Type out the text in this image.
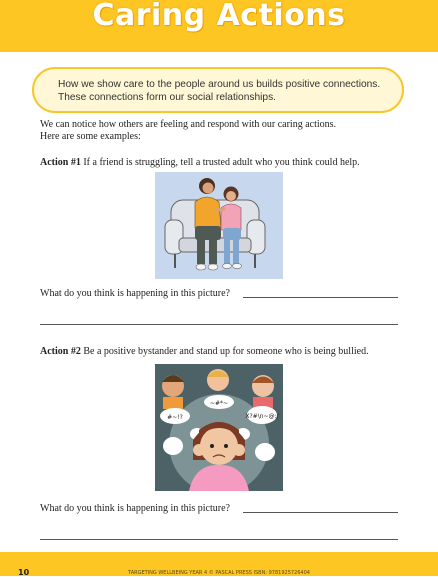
Caring Actions

How we show care to the people around us builds positive connections.
These connections form our social relationships.

We can notice how others are feeling and respond with our caring actions.
Here are some examples:
Action #1 If a friend is struggling, tell a trusted adult who you think could help.
What do you think is happening in this picture?
Action #2 Be a positive bystander and stand up for someone who is being bullied.
#~!?
~#*~
X?#\n~@:/
What do you think is happening in this picture?
10	TARGETING WELLBEING YEAR 4 © PASCAL PRESS ISBN: 9781925726404
